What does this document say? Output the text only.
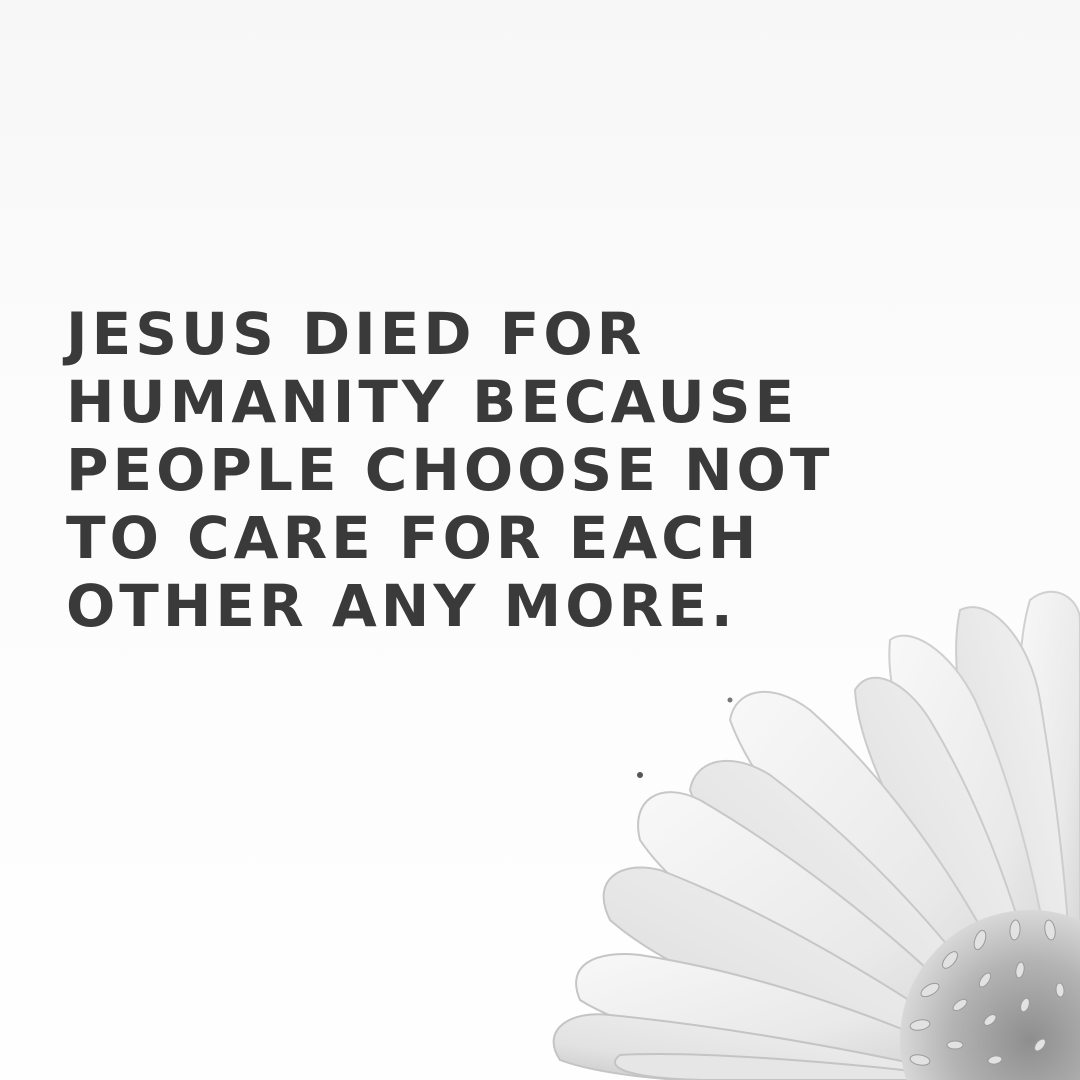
JESUS DIED FOR
HUMANITY BECAUSE
PEOPLE CHOOSE NOT
TO CARE FOR EACH
OTHER ANY MORE.
